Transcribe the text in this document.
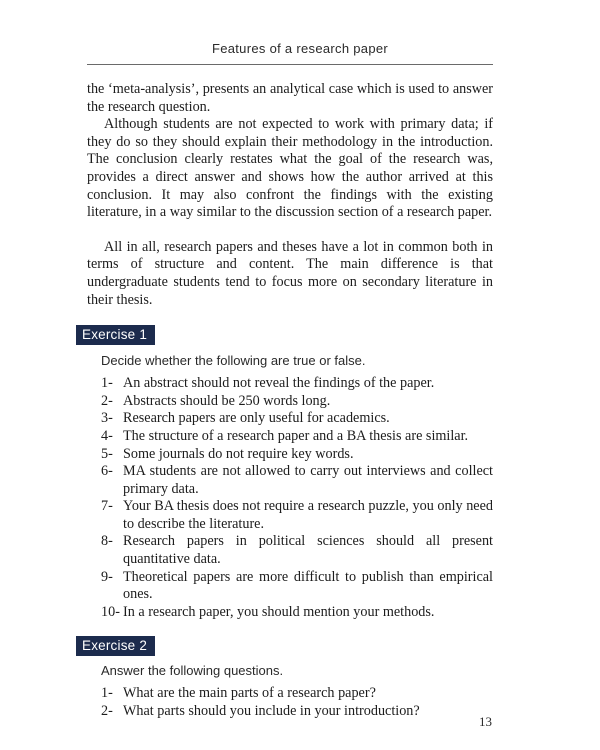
Features of a research paper

the ‘meta-analysis’, presents an analytical case which is used to answer the research question.

Although students are not expected to work with primary data; if they do so they should explain their methodology in the introduction. The conclusion clearly restates what the goal of the research was, provides a direct answer and shows how the author arrived at this conclusion. It may also confront the findings with the existing literature, in a way similar to the discussion section of a research paper.

All in all, research papers and theses have a lot in common both in terms of structure and content. The main difference is that undergraduate students tend to focus more on secondary literature in their thesis.

Exercise 1

Decide whether the following are true or false.

1- An abstract should not reveal the findings of the paper.
2- Abstracts should be 250 words long.
3- Research papers are only useful for academics.
4- The structure of a research paper and a BA thesis are similar.
5- Some journals do not require key words.
6- MA students are not allowed to carry out interviews and collect primary data.
7- Your BA thesis does not require a research puzzle, you only need to describe the literature.
8- Research papers in political sciences should all present quantitative data.
9- Theoretical papers are more difficult to publish than empirical ones.
10- In a research paper, you should mention your methods.
Exercise 2

Answer the following questions.

1- What are the main parts of a research paper?
2- What parts should you include in your introduction?
13
